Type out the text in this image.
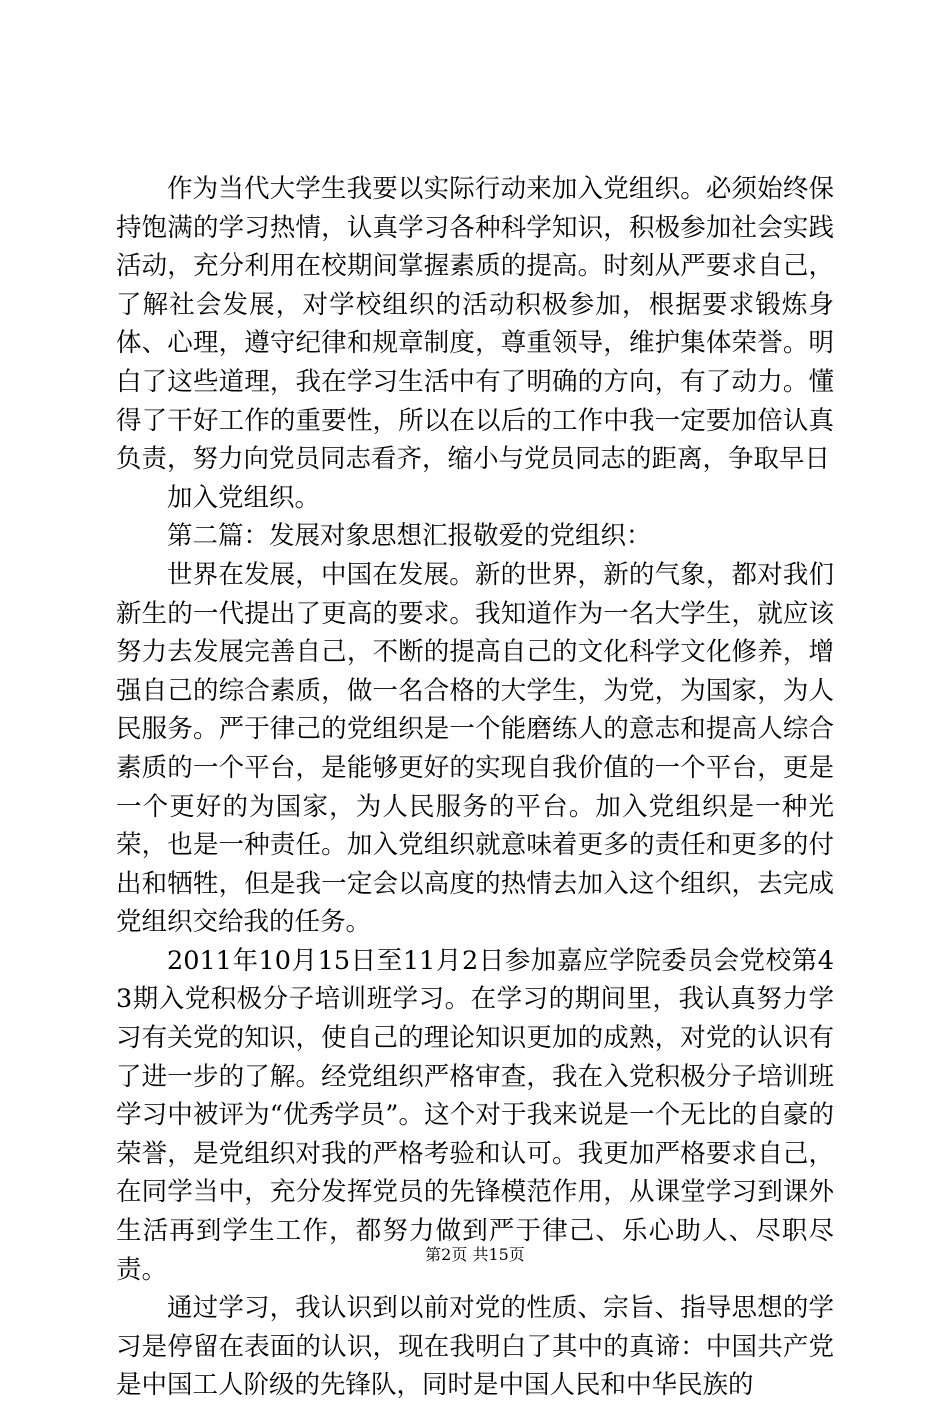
作为当代大学生我要以实际行动来加入党组织。必须始终保持饱满的学习热情，认真学习各种科学知识，积极参加社会实践活动，充分利用在校期间掌握素质的提高。时刻从严要求自己，了解社会发展，对学校组织的活动积极参加，根据要求锻炼身体、心理，遵守纪律和规章制度，尊重领导，维护集体荣誉。明白了这些道理，我在学习生活中有了明确的方向，有了动力。懂得了干好工作的重要性，所以在以后的工作中我一定要加倍认真负责，努力向党员同志看齐，缩小与党员同志的距离，争取早日

加入党组织。

第二篇：发展对象思想汇报敬爱的党组织：

世界在发展，中国在发展。新的世界，新的气象，都对我们新生的一代提出了更高的要求。我知道作为一名大学生，就应该努力去发展完善自己，不断的提高自己的文化科学文化修养，增强自己的综合素质，做一名合格的大学生，为党，为国家，为人民服务。严于律己的党组织是一个能磨练人的意志和提高人综合素质的一个平台，是能够更好的实现自我价值的一个平台，更是一个更好的为国家，为人民服务的平台。加入党组织是一种光荣，也是一种责任。加入党组织就意味着更多的责任和更多的付出和牺牲，但是我一定会以高度的热情去加入这个组织，去完成党组织交给我的任务。

2011年10月15日至11月2日参加嘉应学院委员会党校第43期入党积极分子培训班学习。在学习的期间里，我认真努力学习有关党的知识，使自己的理论知识更加的成熟，对党的认识有了进一步的了解。经党组织严格审查，我在入党积极分子培训班学习中被评为“优秀学员”。这个对于我来说是一个无比的自豪的荣誉，是党组织对我的严格考验和认可。我更加严格要求自己，在同学当中，充分发挥党员的先锋模范作用，从课堂学习到课外生活再到学生工作，都努力做到严于律己、乐心助人、尽职尽责。

通过学习，我认识到以前对党的性质、宗旨、指导思想的学习是停留在表面的认识，现在我明白了其中的真谛：中国共产党是中国工人阶级的先锋队，同时是中国人民和中华民族的

第2页 共15页
